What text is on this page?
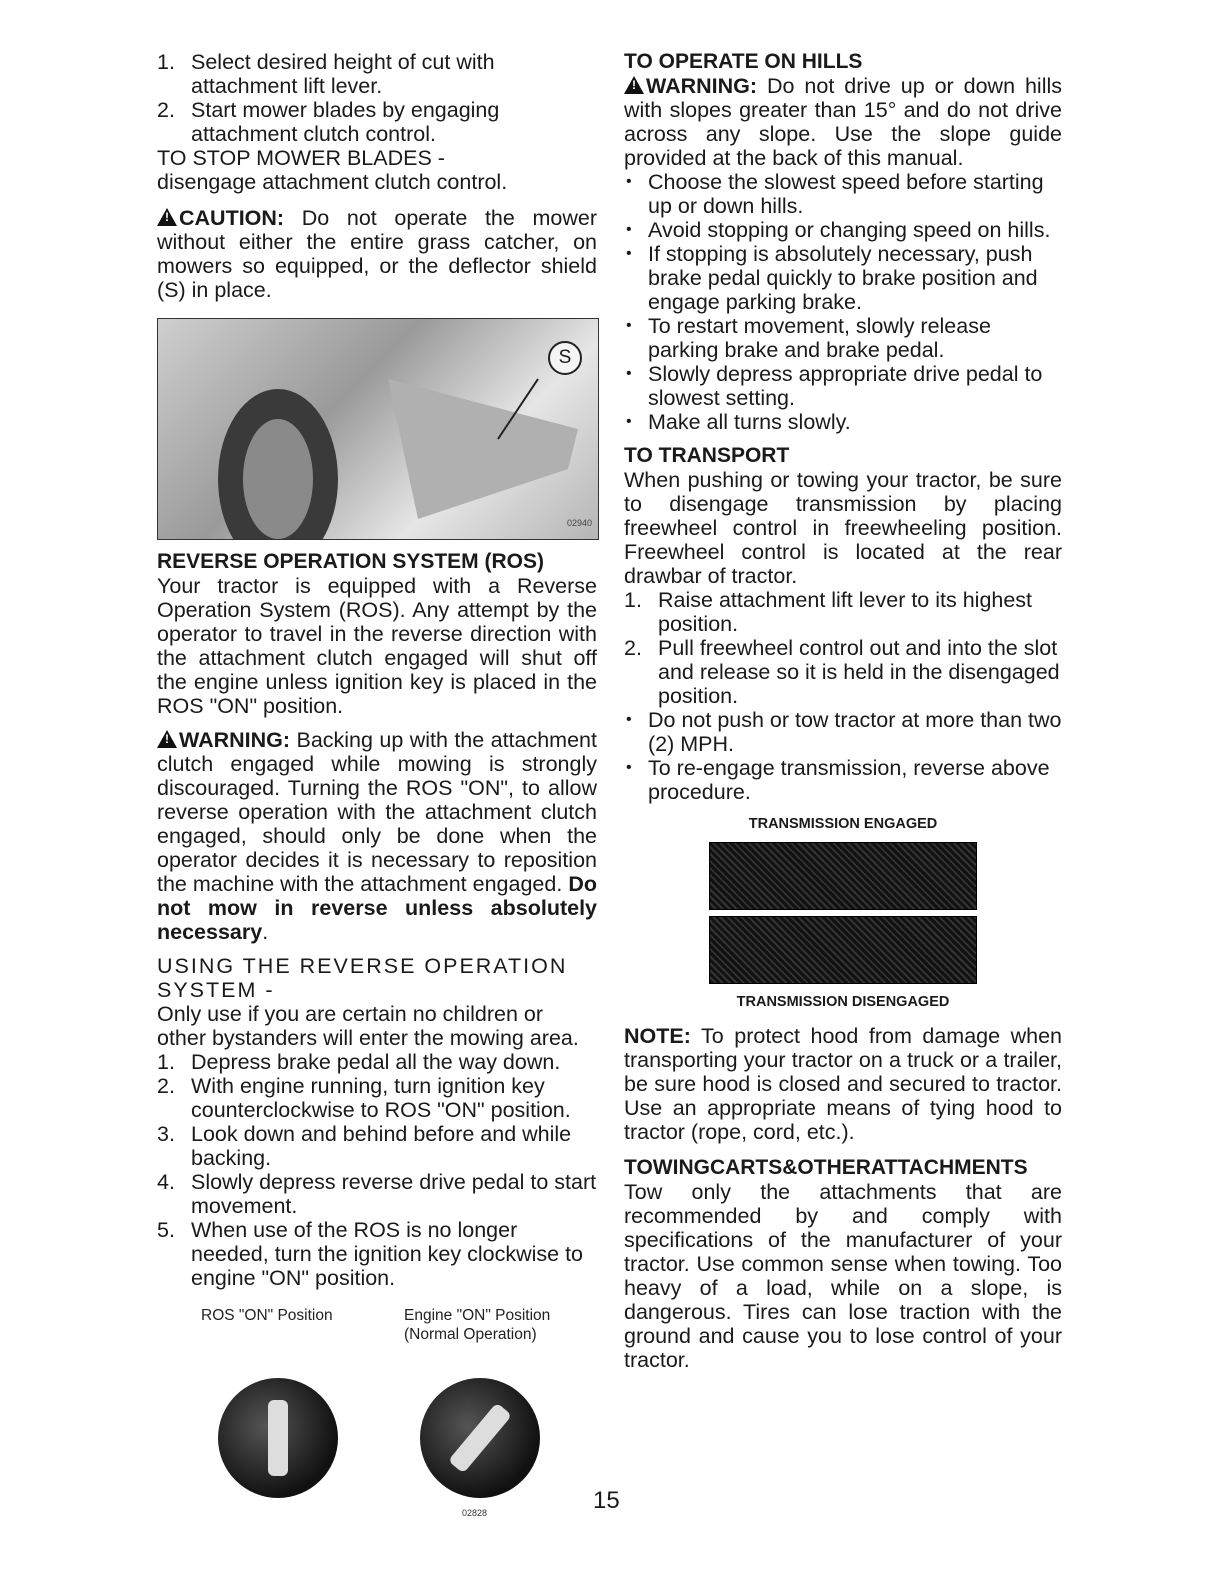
1. Select desired height of cut with attachment lift lever.
2. Start mower blades by engaging attachment clutch control.

TO STOP MOWER BLADES -

disengage attachment clutch control.

!CAUTION: Do not operate the mower without either the entire grass catcher, on mowers so equipped, or the deflector shield (S) in place.

S
02940

REVERSE OPERATION SYSTEM (ROS)

Your tractor is equipped with a Reverse Operation System (ROS). Any attempt by the operator to travel in the reverse direction with the attachment clutch engaged will shut off the engine unless ignition key is placed in the ROS "ON" position.

!WARNING: Backing up with the attachment clutch engaged while mowing is strongly discouraged. Turning the ROS "ON", to allow reverse operation with the attachment clutch engaged, should only be done when the operator decides it is necessary to reposition the machine with the attachment engaged. Do not mow in reverse unless absolutely necessary.

USING THE REVERSE OPERATION SYSTEM -

Only use if you are certain no children or other bystanders will enter the mowing area.

1. Depress brake pedal all the way down.
2. With engine running, turn ignition key counterclockwise to ROS "ON" position.
3. Look down and behind before and while backing.
4. Slowly depress reverse drive pedal to start movement.
5. When use of the ROS is no longer needed, turn the ignition key clockwise to engine "ON" position.
ROS "ON" Position	Engine "ON" Position
(Normal Operation)
02828

TO OPERATE ON HILLS

!WARNING: Do not drive up or down hills with slopes greater than 15° and do not drive across any slope. Use the slope guide provided at the back of this manual.

• Choose the slowest speed before starting up or down hills.
• Avoid stopping or changing speed on hills.
• If stopping is absolutely necessary, push brake pedal quickly to brake position and engage parking brake.
• To restart movement, slowly release parking brake and brake pedal.
• Slowly depress appropriate drive pedal to slowest setting.
• Make all turns slowly.

TO TRANSPORT

When pushing or towing your tractor, be sure to disengage transmission by placing freewheel control in freewheeling position. Freewheel control is located at the rear drawbar of tractor.

1. Raise attachment lift lever to its highest position.
2. Pull freewheel control out and into the slot and release so it is held in the disengaged position.
• Do not push or tow tractor at more than two (2) MPH.
• To re-engage transmission, reverse above procedure.

TRANSMISSION ENGAGED

TRANSMISSION DISENGAGED

NOTE: To protect hood from damage when transporting your tractor on a truck or a trailer, be sure hood is closed and secured to tractor. Use an appropriate means of tying hood to tractor (rope, cord, etc.).

TOWINGCARTS&OTHERATTACHMENTS

Tow only the attachments that are recommended by and comply with specifications of the manufacturer of your tractor. Use common sense when towing. Too heavy of a load, while on a slope, is dangerous. Tires can lose traction with the ground and cause you to lose control of your tractor.

15
